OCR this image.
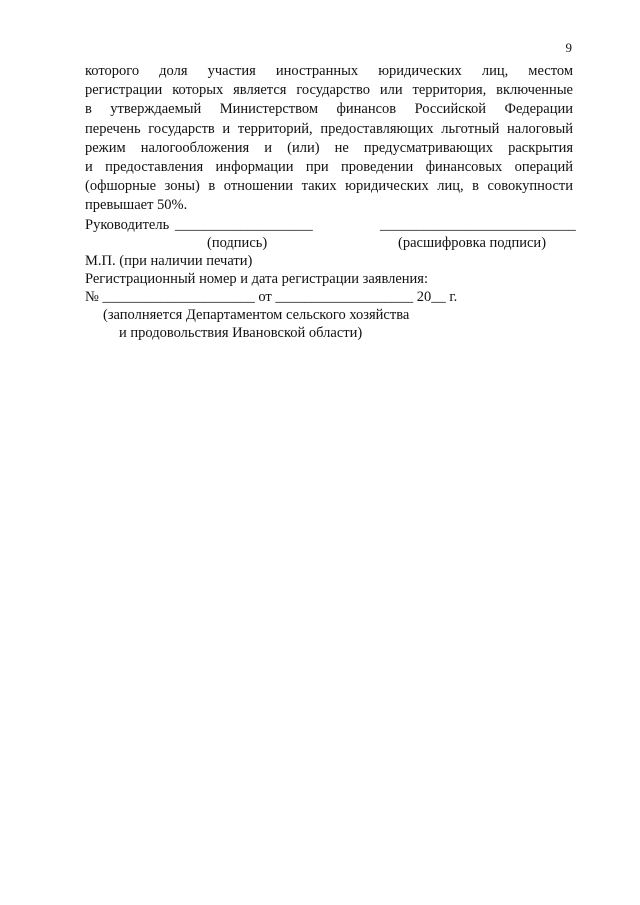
9
которого доля участия иностранных юридических лиц, местом
регистрации которых является государство или территория, включенные
в утверждаемый Министерством финансов Российской Федерации
перечень государств и территорий, предоставляющих льготный налоговый
режим налогообложения и (или) не предусматривающих раскрытия
и предоставления информации при проведении финансовых операций
(офшорные зоны) в отношении таких юридических лиц, в совокупности
превышает 50%.
Руководитель ___________________	___________________________
(подпись)	(расшифровка подписи)
М.П. (при наличии печати)
Регистрационный номер и дата регистрации заявления:
№ _____________________ от ___________________ 20__ г.
(заполняется Департаментом сельского хозяйства
и продовольствия Ивановской области)
